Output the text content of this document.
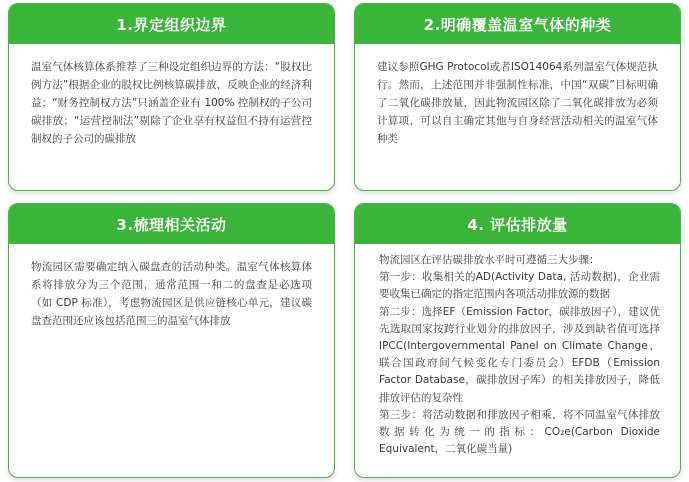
1.界定组织边界

温室气体核算体系推荐了三种设定组织边界的方法：“股权比例方法”根据企业的股权比例核算碳排放，反映企业的经济利益；“财务控制权方法”只涵盖企业有 100% 控制权的子公司碳排放；“运营控制法”剔除了企业享有权益但不持有运营控制权的子公司的碳排放

2.明确覆盖温室气体的种类

建议参照GHG Protocol或者ISO14064系列温室气体规范执行。然而，上述范围并非强制性标准，中国“双碳”目标明确了二氧化碳排放量，因此物流园区除了二氧化碳排放为必须计算项，可以自主确定其他与自身经营活动相关的温室气体种类

3.梳理相关活动

物流园区需要确定纳入碳盘查的活动种类。温室气体核算体系将排放分为三个范围，通常范围一和二的盘查是必选项（如 CDP 标准），考虑物流园区是供应链核心单元，建议碳盘查范围还应该包括范围三的温室气体排放

4. 评估排放量

物流园区在评估碳排放水平时可遵循三大步骤：

第一步：收集相关的AD(Activity Data, 活动数据)，企业需要收集已确定的指定范围内各项活动排放源的数据

第二步：选择EF（Emission Factor，碳排放因子），建议优先选取国家按跨行业划分的排放因子，涉及到缺省值可选择IPCC(Intergovernmental Panel on Climate Change，联合国政府间气候变化专门委员会）EFDB（Emission Factor Database，碳排放因子库）的相关排放因子，降低排放评估的复杂性

第三步：将活动数据和排放因子相乘，将不同温室气体排放数据转化为统一的指标：CO₂e(Carbon Dioxide Equivalent，二氧化碳当量)
